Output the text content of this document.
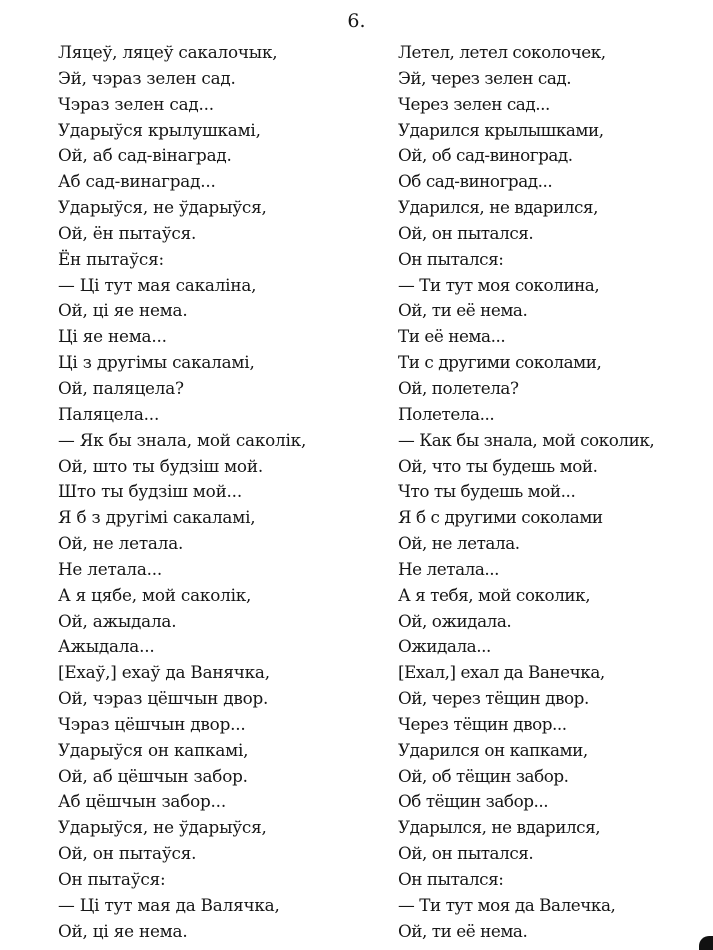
6.
Ляцеў, ляцеў сакалочык,
Эй, чэраз зелен сад.
Чэраз зелен сад...
Ударыўся крылушкамі,
Ой, аб сад-вінаград.
Аб сад-винаград...
Ударыўся, не ўдарыўся,
Ой, ён пытаўся.
Ён пытаўся:
— Ці тут мая сакаліна,
Ой, ці яе нема.
Ці яе нема...
Ці з другімы сакаламі,
Ой, паляцела?
Паляцела...
— Як бы знала, мой саколік,
Ой, што ты будзіш мой.
Што ты будзіш мой...
Я б з другімі сакаламі,
Ой, не летала.
Не летала...
А я цябе, мой саколік,
Ой, ажыдала.
Ажыдала...
[Ехаў,] ехаў да Ванячка,
Ой, чэраз цёшчын двор.
Чэраз цёшчын двор...
Ударыўся он капкамі,
Ой, аб цёшчын забор.
Аб цёшчын забор...
Ударыўся, не ўдарыўся,
Ой, он пытаўся.
Он пытаўся:
— Ці тут мая да Валячка,
Ой, ці яе нема.
Летел, летел соколочек,
Эй, через зелен сад.
Через зелен сад...
Ударился крылышками,
Ой, об сад-виноград.
Об сад-виноград...
Ударился, не вдарился,
Ой, он пытался.
Он пытался:
— Ти тут моя соколина,
Ой, ти её нема.
Ти её нема...
Ти с другими соколами,
Ой, полетела?
Полетела...
— Как бы знала, мой соколик,
Ой, что ты будешь мой.
Что ты будешь мой...
Я б с другими соколами
Ой, не летала.
Не летала...
А я тебя, мой соколик,
Ой, ожидала.
Ожидала...
[Ехал,] ехал да Ванечка,
Ой, через тёщин двор.
Через тёщин двор...
Ударился он капками,
Ой, об тёщин забор.
Об тёщин забор...
Ударылся, не вдарился,
Ой, он пытался.
Он пытался:
— Ти тут моя да Валечка,
Ой, ти её нема.
